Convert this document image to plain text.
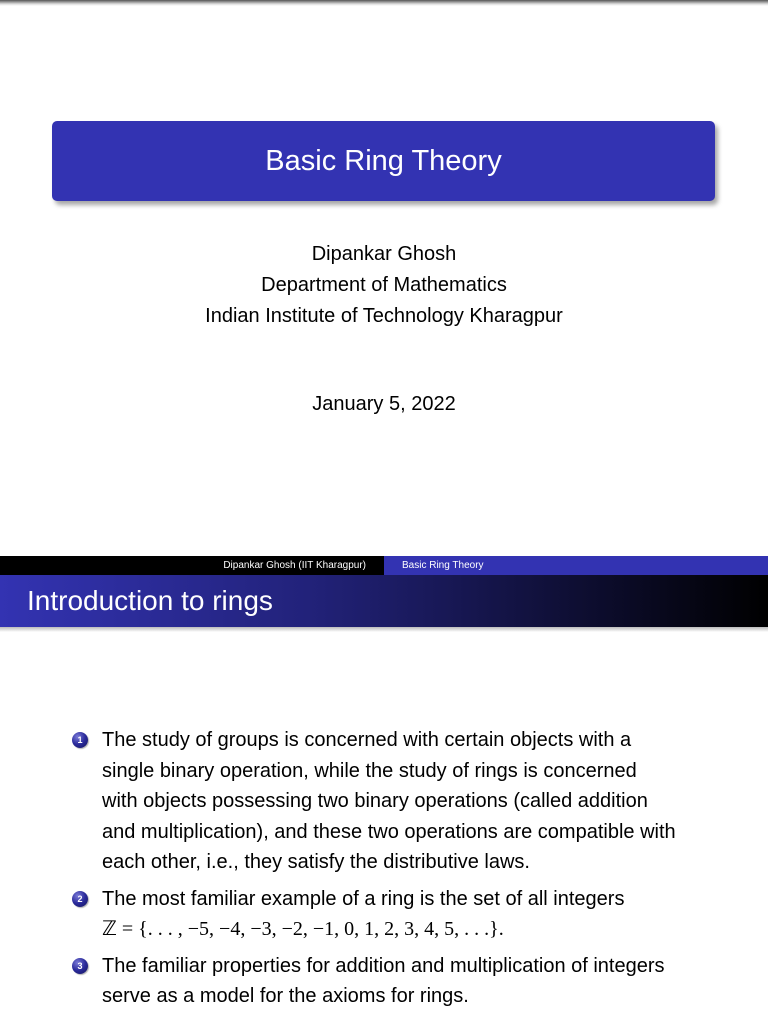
Basic Ring Theory
Dipankar Ghosh
Department of Mathematics
Indian Institute of Technology Kharagpur
January 5, 2022
Dipankar Ghosh (IIT Kharagpur)	Basic Ring Theory
Introduction to rings
1 The study of groups is concerned with certain objects with a
single binary operation, while the study of rings is concerned
with objects possessing two binary operations (called addition
and multiplication), and these two operations are compatible with
each other, i.e., they satisfy the distributive laws.
2 The most familiar example of a ring is the set of all integers
ℤ = {. . . , −5, −4, −3, −2, −1, 0, 1, 2, 3, 4, 5, . . .}.
3 The familiar properties for addition and multiplication of integers
serve as a model for the axioms for rings.
